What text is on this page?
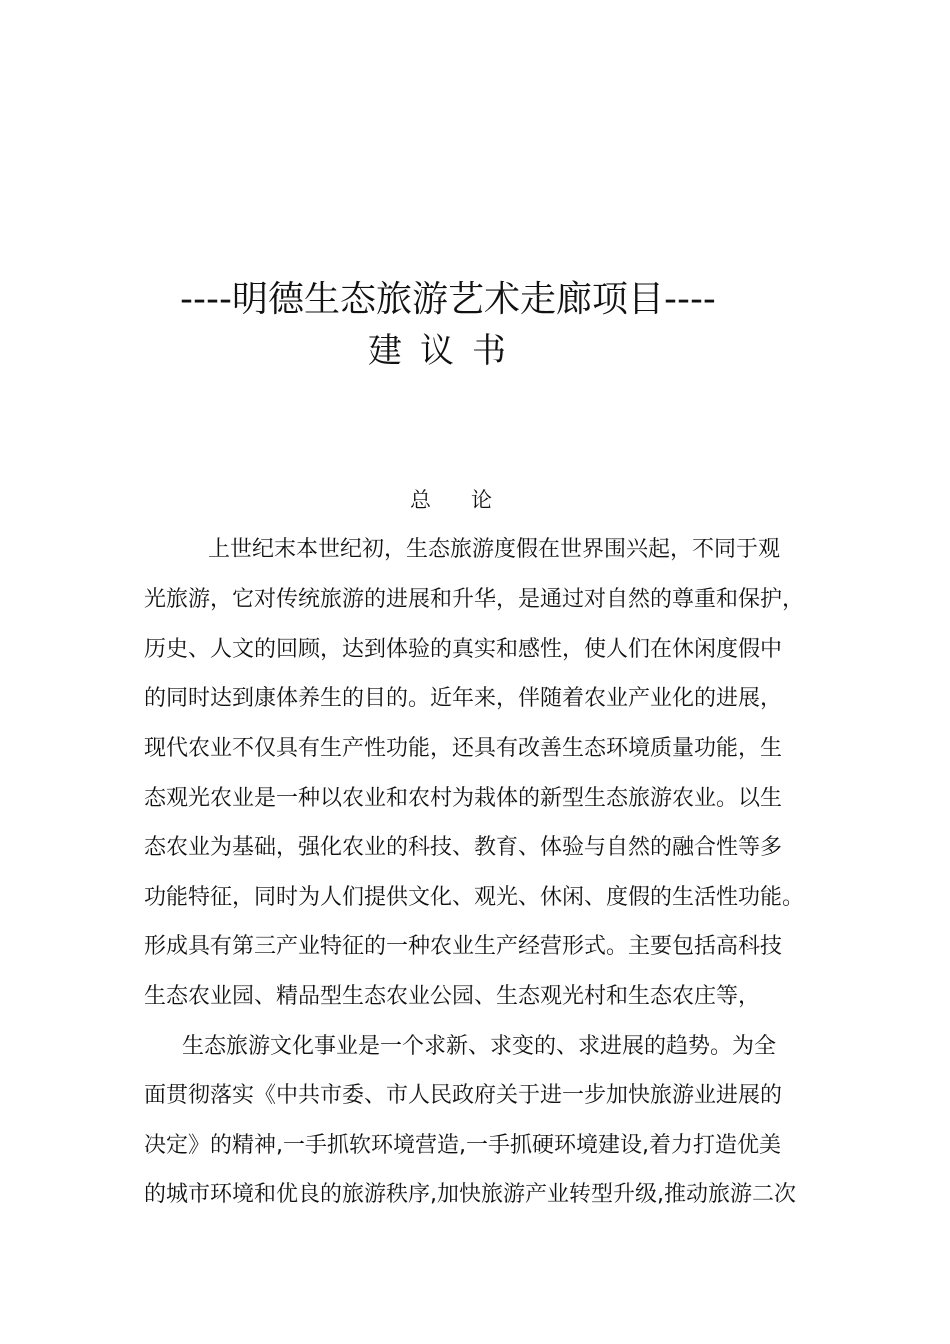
----明德生态旅游艺术走廊项目----
建议书
总论
上世纪末本世纪初，生态旅游度假在世界围兴起，不同于观
光旅游，它对传统旅游的进展和升华，是通过对自然的尊重和保护，
历史、人文的回顾，达到体验的真实和感性，使人们在休闲度假中
的同时达到康体养生的目的。近年来，伴随着农业产业化的进展，
现代农业不仅具有生产性功能，还具有改善生态环境质量功能，生
态观光农业是一种以农业和农村为栽体的新型生态旅游农业。以生
态农业为基础，强化农业的科技、教育、体验与自然的融合性等多
功能特征，同时为人们提供文化、观光、休闲、度假的生活性功能。
形成具有第三产业特征的一种农业生产经营形式。主要包括高科技
生态农业园、精品型生态农业公园、生态观光村和生态农庄等，
生态旅游文化事业是一个求新、求变的、求进展的趋势。为全
面贯彻落实《中共市委、市人民政府关于进一步加快旅游业进展的
决定》的精神,一手抓软环境营造,一手抓硬环境建设,着力打造优美
的城市环境和优良的旅游秩序,加快旅游产业转型升级,推动旅游二次
